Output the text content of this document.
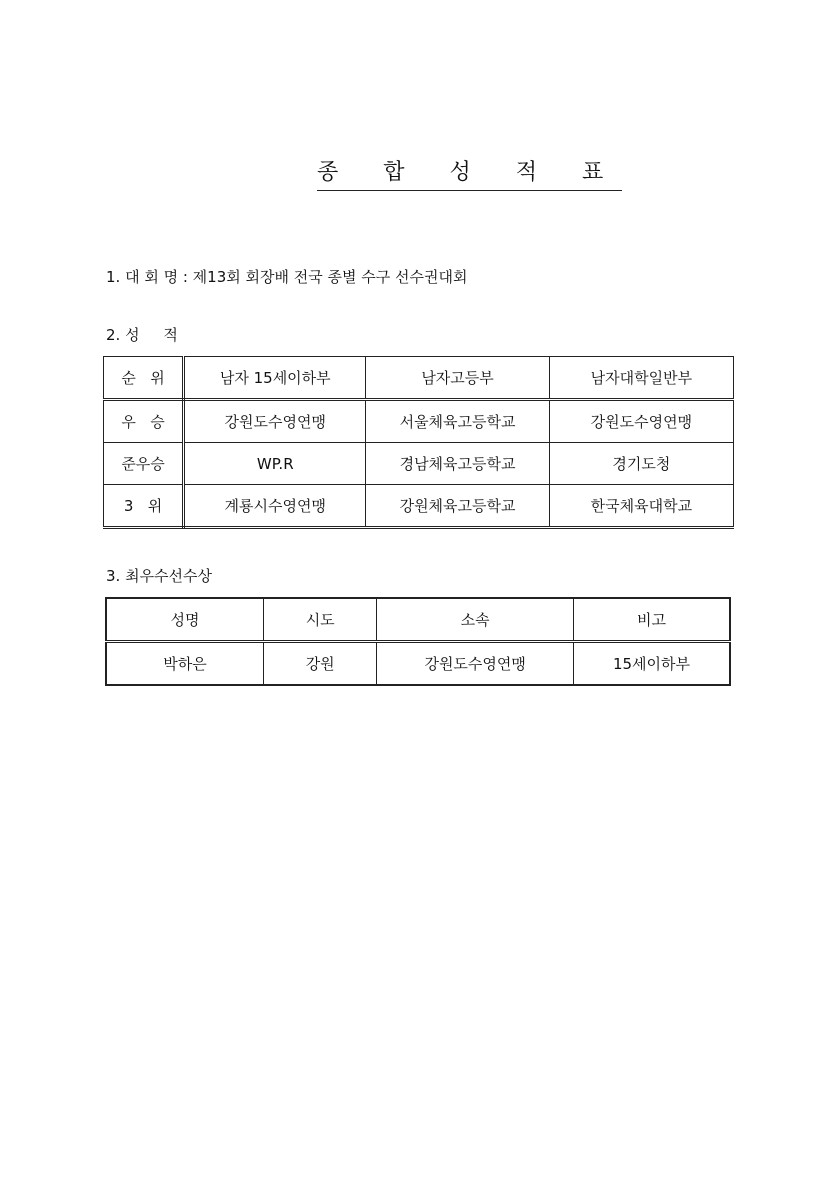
종 합 성 적 표
1. 대 회 명 : 제13회 회장배 전국 종별 수구 선수권대회
2. 성     적
순   위	남자 15세이하부	남자고등부	남자대학일반부
우   승	강원도수영연맹	서울체육고등학교	강원도수영연맹
준우승	WP.R	경남체육고등학교	경기도청
3   위	계룡시수영연맹	강원체육고등학교	한국체육대학교
3. 최우수선수상
성명	시도	소속	비고
박하은	강원	강원도수영연맹	15세이하부
